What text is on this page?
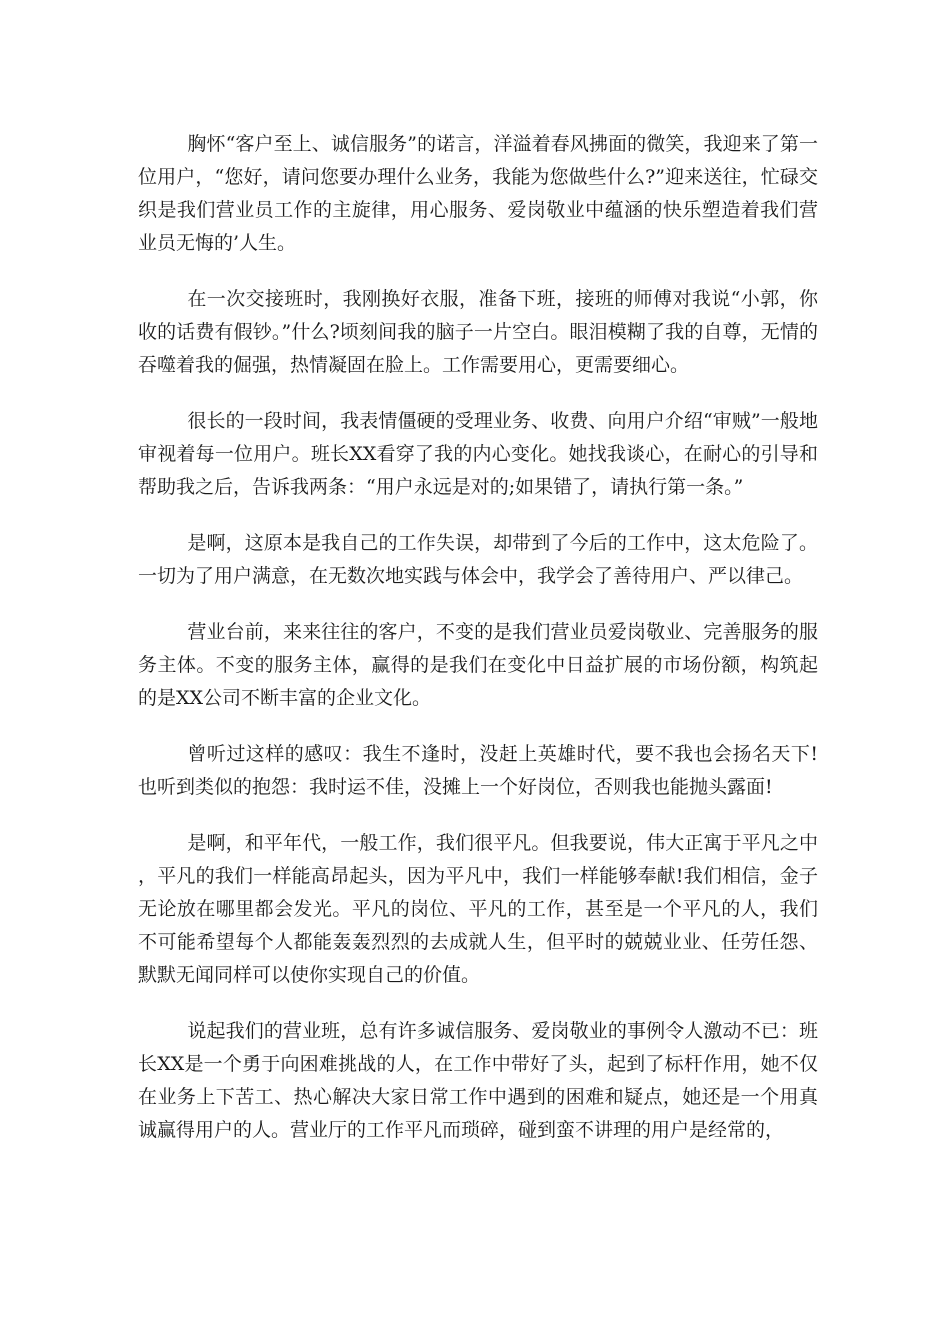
胸怀“客户至上、诚信服务”的诺言，洋溢着春风拂面的微笑，我迎来了第一位用户，“您好，请问您要办理什么业务，我能为您做些什么?”迎来送往，忙碌交织是我们营业员工作的主旋律，用心服务、爱岗敬业中蕴涵的快乐塑造着我们营业员无悔的’人生。

在一次交接班时，我刚换好衣服，准备下班，接班的师傅对我说“小郭，你收的话费有假钞。”什么?顷刻间我的脑子一片空白。眼泪模糊了我的自尊，无情的吞噬着我的倔强，热情凝固在脸上。工作需要用心，更需要细心。

很长的一段时间，我表情僵硬的受理业务、收费、向用户介绍“审贼”一般地审视着每一位用户。班长XX看穿了我的内心变化。她找我谈心，在耐心的引导和帮助我之后，告诉我两条：“用户永远是对的;如果错了，请执行第一条。”

是啊，这原本是我自己的工作失误，却带到了今后的工作中，这太危险了。一切为了用户满意，在无数次地实践与体会中，我学会了善待用户、严以律己。

营业台前，来来往往的客户，不变的是我们营业员爱岗敬业、完善服务的服务主体。不变的服务主体，赢得的是我们在变化中日益扩展的市场份额，构筑起的是XX公司不断丰富的企业文化。

曾听过这样的感叹：我生不逢时，没赶上英雄时代，要不我也会扬名天下!也听到类似的抱怨：我时运不佳，没摊上一个好岗位，否则我也能抛头露面!

是啊，和平年代，一般工作，我们很平凡。但我要说，伟大正寓于平凡之中，平凡的我们一样能高昂起头，因为平凡中，我们一样能够奉献!我们相信，金子无论放在哪里都会发光。平凡的岗位、平凡的工作，甚至是一个平凡的人，我们不可能希望每个人都能轰轰烈烈的去成就人生，但平时的兢兢业业、任劳任怨、默默无闻同样可以使你实现自己的价值。

说起我们的营业班，总有许多诚信服务、爱岗敬业的事例令人激动不已：班长XX是一个勇于向困难挑战的人，在工作中带好了头，起到了标杆作用，她不仅在业务上下苦工、热心解决大家日常工作中遇到的困难和疑点，她还是一个用真诚赢得用户的人。营业厅的工作平凡而琐碎，碰到蛮不讲理的用户是经常的，
